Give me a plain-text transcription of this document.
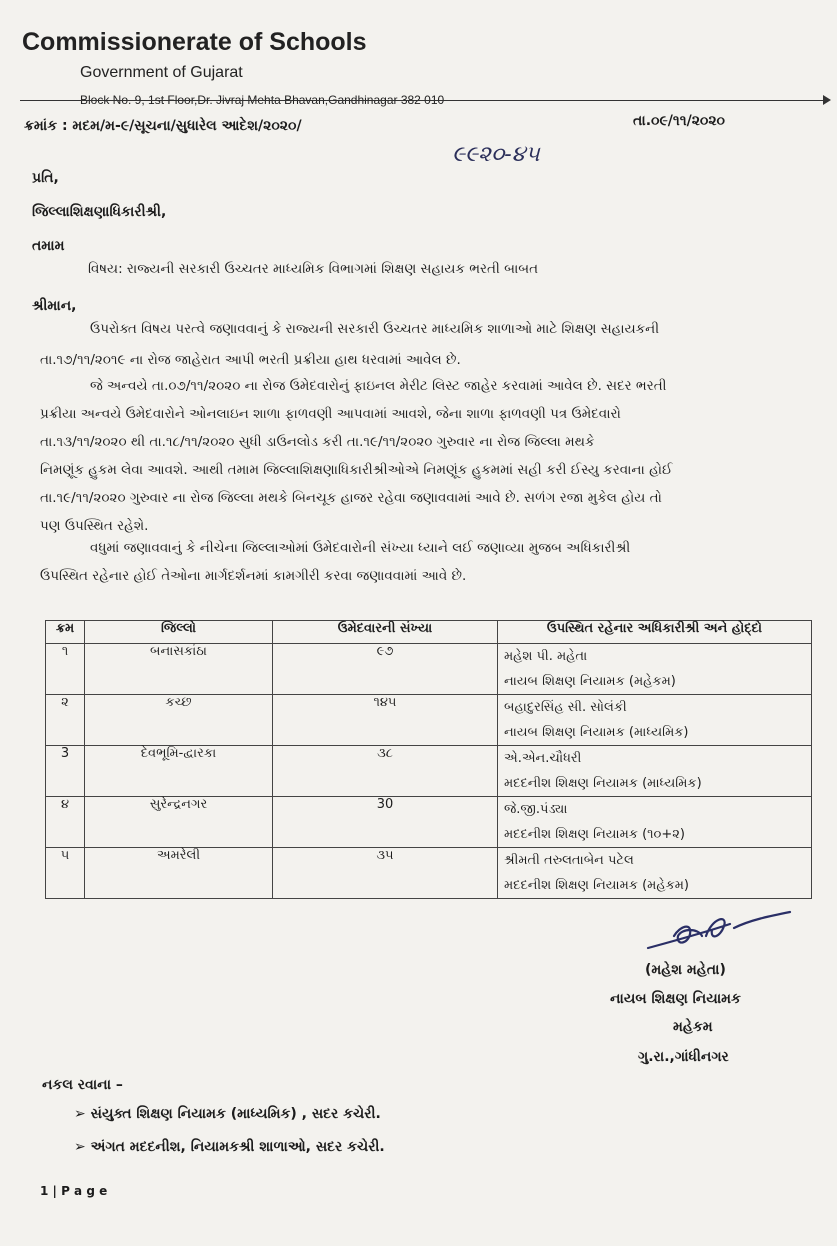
Commissionerate of Schools
Government of Gujarat
Block No. 9, 1st Floor,Dr. Jivraj Mehta Bhavan,Gandhinagar 382 010
ક્રમાંક : મદમ/મ-૯/સૂચના/સુધારેલ આદેશ/૨૦૨૦/
૯૯૨૦-૪૫
તા.૦૯/૧૧/૨૦૨૦
પ્રતિ,
જિલ્લાશિક્ષણાધિકારીશ્રી,
તમામ
વિષય: રાજ્યની સરકારી ઉચ્ચતર માધ્યમિક વિભાગમાં શિક્ષણ સહાયક ભરતી બાબત
શ્રીમાન,
ઉપરોક્ત વિષય પરત્વે જણાવવાનું કે રાજ્યની સરકારી ઉચ્ચતર માધ્યમિક શાળાઓ માટે શિક્ષણ સહાયકની
તા.૧૭/૧૧/૨૦૧૯ ના રોજ જાહેરાત આપી ભરતી પ્રક્રીયા હાથ ધરવામાં આવેલ છે.
જે અન્વયે તા.૦૭/૧૧/૨૦૨૦ ના રોજ ઉમેદવારોનું ફાઇનલ મેરીટ લિસ્ટ જાહેર કરવામાં આવેલ છે. સદર ભરતી
પ્રક્રીયા અન્વયે ઉમેદવારોને ઓનલાઇન શાળા ફાળવણી આપવામાં આવશે, જેના શાળા ફાળવણી પત્ર ઉમેદવારો
તા.૧૩/૧૧/૨૦૨૦ થી તા.૧૮/૧૧/૨૦૨૦ સુધી ડાઉનલોડ કરી તા.૧૯/૧૧/૨૦૨૦ ગુરુવાર ના રોજ જિલ્લા મથકે
નિમણૂંક હુકમ લેવા આવશે. આથી તમામ જિલ્લાશિક્ષણાધિકારીશ્રીઓએ નિમણૂંક હુકમમાં સહી કરી ઈસ્યુ કરવાના હોઈ
તા.૧૯/૧૧/૨૦૨૦ ગુરુવાર ના રોજ જિલ્લા મથકે બિનચૂક હાજર રહેવા જણાવવામાં આવે છે. સળંગ રજા મુકેલ હોય તો
પણ ઉપસ્થિત રહેશે.
વધુમાં જણાવવાનું કે નીચેના જિલ્લાઓમાં ઉમેદવારોની સંખ્યા ધ્યાને લઈ જણાવ્યા મુજબ અધિકારીશ્રી
ઉપસ્થિત રહેનાર હોઈ તેઓના માર્ગદર્શનમાં કામગીરી કરવા જણાવવામાં આવે છે.
ક્રમ	જિલ્લો	ઉમેદવારની સંખ્યા	ઉપસ્થિત રહેનાર અધિકારીશ્રી અને હોદ્દો
૧	બનાસકાંઠા	૯૭	મહેશ પી. મહેતા
નાયબ શિક્ષણ નિયામક (મહેકમ)

૨	કચ્છ	૧૪૫	બહાદુરસિંહ સી. સોલંકી
નાયબ શિક્ષણ નિયામક (માધ્યમિક)

3	દેવભૂમિ-દ્વારકા	૩૮	એ.એન.ચૌધરી
મદદનીશ શિક્ષણ નિયામક (માધ્યમિક)

૪	સુરેન્દ્રનગર	30	જે.જી.પંડ્યા
મદદનીશ શિક્ષણ નિયામક (૧૦+૨)

૫	અમરેલી	૩૫	શ્રીમતી તરુલતાબેન પટેલ
મદદનીશ શિક્ષણ નિયામક (મહેકમ)
(મહેશ મહેતા)
નાયબ શિક્ષણ નિયામક
મહેકમ
ગુ.રા.,ગાંધીનગર
નકલ રવાના –
➢ સંયુક્ત શિક્ષણ નિયામક (માધ્યમિક) , સદર કચેરી.
➢ અંગત મદદનીશ, નિયામકશ્રી શાળાઓ, સદર કચેરી.
1 | P a g e
